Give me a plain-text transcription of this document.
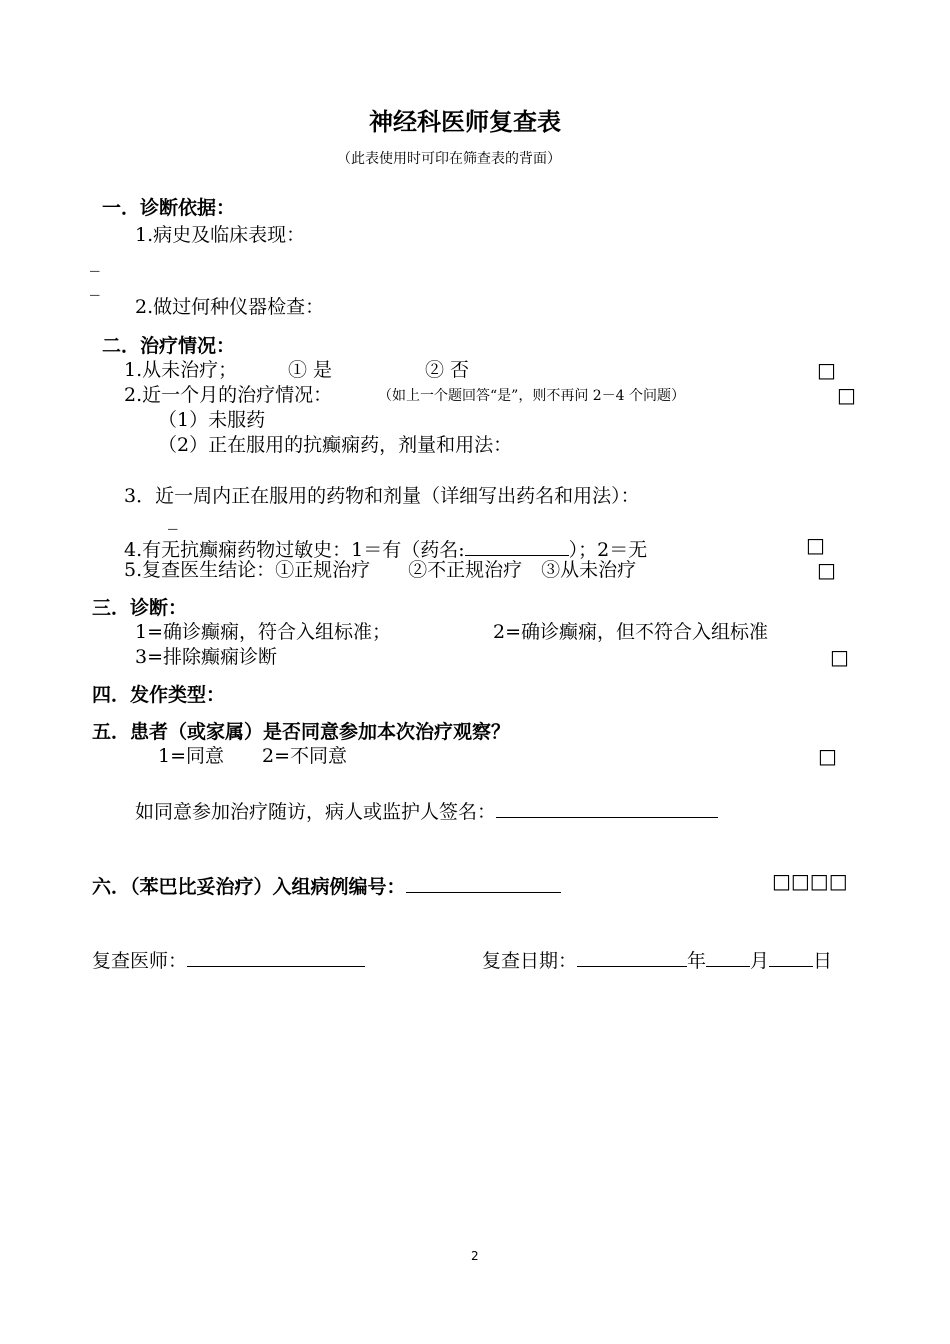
神经科医师复查表
（此表使用时可印在筛查表的背面）
一．诊断依据：
1.病史及临床表现：
_
_
2.做过何种仪器检查：
二．治疗情况：
1.从未治疗；	① 是	② 否	□
2.近一个月的治疗情况：	（如上一个题回答“是”，则不再问 2－4 个问题）	□
（1）未服药
（2）正在服用的抗癫痫药，剂量和用法：
3．近一周内正在服用的药物和剂量（详细写出药名和用法）：
_
4.有无抗癫痫药物过敏史：1＝有（药名:	）；2＝无	□
5.复查医生结论：①正规治疗　　②不正规治疗　③从未治疗	□
三．诊断：
1=确诊癫痫，符合入组标准；	2=确诊癫痫，但不符合入组标准
3=排除癫痫诊断	□
四．发作类型：
五．患者（或家属）是否同意参加本次治疗观察？
1=同意　　2=不同意	□
如同意参加治疗随访，病人或监护人签名：
六．（苯巴比妥治疗）入组病例编号：	□□□□
复查医师：	复查日期：	年 月 日
2
